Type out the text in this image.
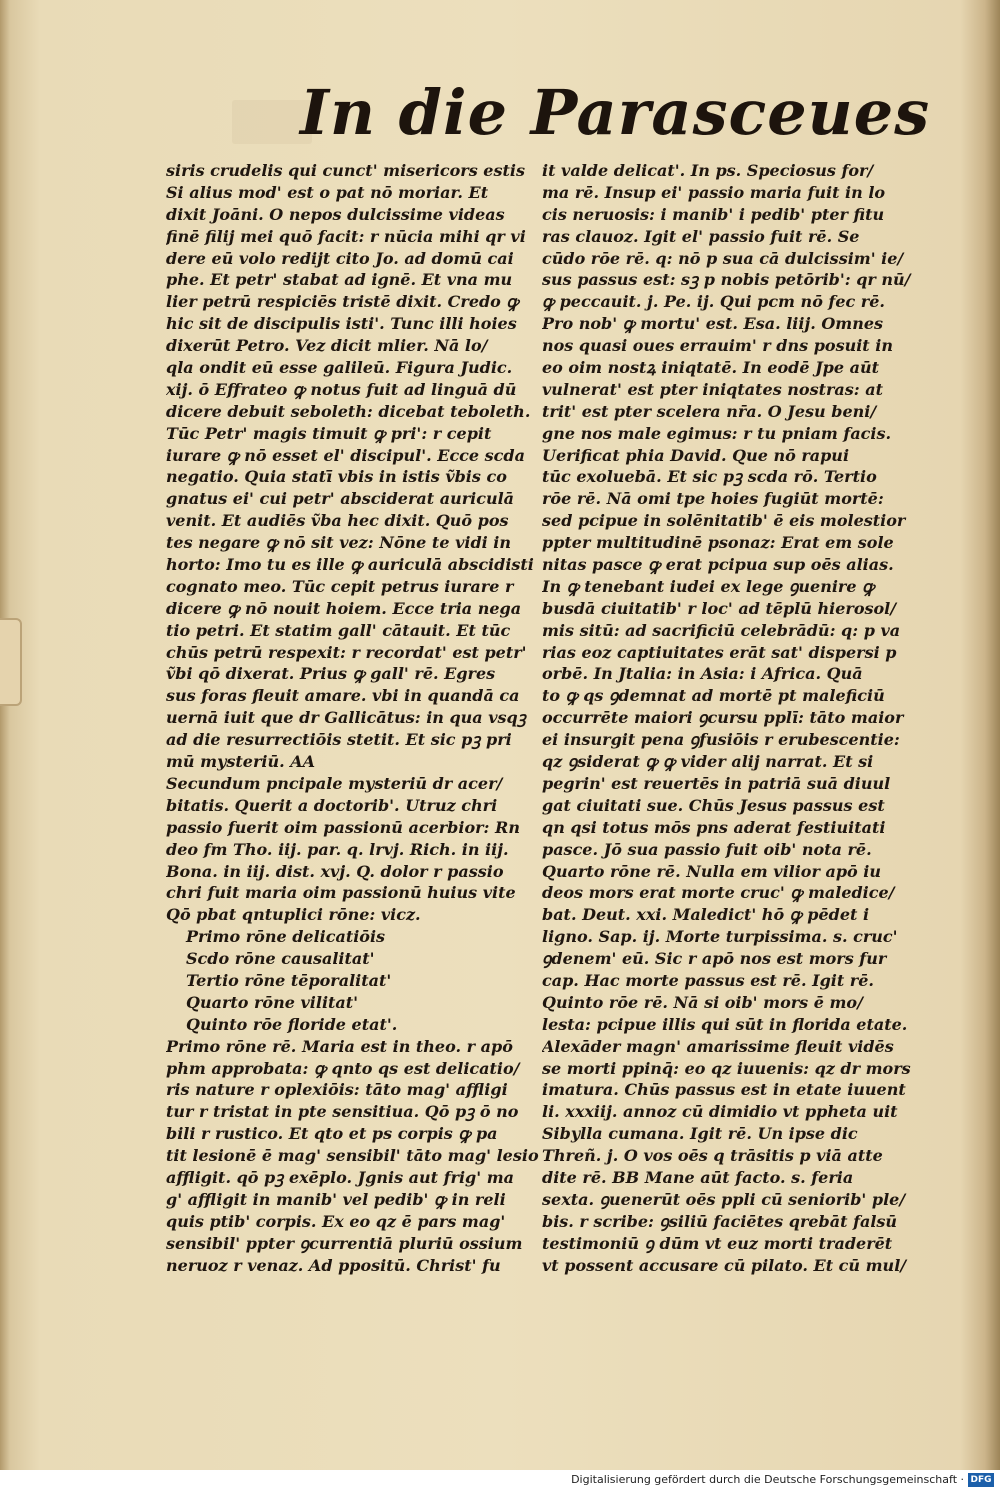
In die Parasceues
siris crudelis qui cunct' misericors estis
Si alius mod' est o pat nō moriar. Et
dixit Joāni. O nepos dulcissime videas
finē filij mei quō facit: r nūcia mihi qr vi
dere eū volo redijt cito Jo. ad domū cai
phe. Et petr' stabat ad ignē. Et vna mu
lier petrū respiciēs tristē dixit. Credo ꝙ
hic sit de discipulis isti'. Tunc illi hoies
dixerūt Petro. Vez dicit mlier. Nā lo/
qla ondit eū esse galileū. Figura Judic.
xij. ō Effrateo ꝙ notus fuit ad linguā dū
dicere debuit seboleth: dicebat teboleth.
Tūc Petr' magis timuit ꝙ pri': r cepit
iurare ꝙ nō esset el' discipul'. Ecce scda
negatio. Quia statī̄ vbis in istis ṽbis co
gnatus ei' cui petr' absciderat auriculā
venit. Et audiēs ṽba hec dixit. Quō pos
tes negare ꝙ nō sit vez: Nōne te vidi in
horto: Imo tu es ille ꝙ auriculā abscidisti
cognato meo. Tūc cepit petrus iurare r
dicere ꝙ nō nouit hoiem. Ecce tria nega
tio petri. Et statim gall' cātauit. Et tūc
chūs petrū respexit: r recordat' est petr'
ṽbi qō dixerat. Prius ꝙ gall' rē. Egres
sus foras fleuit amare. vbi in quandā ca
uernā iuit que dr Gallicātus: in qua vsqꝫ
ad die resurrectiōis stetit. Et sic pꝫ pri
mū mysteriū. AA
Secundum pncipale mysteriū dr acer/
bitatis. Querit a doctorib'. Utruz chri
passio fuerit oim passionū acerbior: Rn
deo fm Tho. iij. par. q. lrvj. Rich. in iij.
Bona. in iij. dist. xvj. Q. dolor r passio
chri fuit maria oim passionū huius vite
Qō pbat qntuplici rōne: vicz.
Primo rōne delicatiōis
Scdo rōne causalitat'
Tertio rōne tēporalitat'
Quarto rōne vilitat'
Quinto rōe floride etat'.
Primo rōne rē. Maria est in theo. r apō
phm approbata: ꝙ qnto qs est delicatio/
ris nature r oplexiōis: tāto mag' affligi
tur r tristat in pte sensitiua. Qō pꝫ ō no
bili r rustico. Et qto et ps corpis ꝙ pa
tit lesionē ē mag' sensibil' tāto mag' lesio
affligit. qō pꝫ exēplo. Jgnis aut frig' ma
g' affligit in manib' vel pedib' ꝙ in reli
quis ptib' corpis. Ex eo qz ē pars mag'
sensibil' ppter ꝯcurrentiā pluriū ossium
neruoz r venaz. Ad ppositū. Christ' fu
it valde delicat'. In ps. Speciosus for/
ma rē. Insup ei' passio maria fuit in lo
cis neruosis: i manib' i pedib' pter fitu
ras clauoz. Igit el' passio fuit rē. Se
cūdo rōe rē. q: nō p sua cā dulcissim' ie/
sus passus est: sꝫ p nobis petōrib': qr nū/
ꝙ peccauit. j. Pe. ij. Qui pcm nō fec rē.
Pro nob' ꝙ mortu' est. Esa. liij. Omnes
nos quasi oues errauim' r dns posuit in
eo oim nostꝝ iniqtatē. In eodē Jpe aūt
vulnerat' est pter iniqtates nostras: at
trit' est pter scelera nr̄a. O Jesu beni/
gne nos male egimus: r tu pniam facis.
Uerificat phia David. Que nō rapui
tūc exoluebā. Et sic pꝫ scda rō. Tertio
rōe rē. Nā omi tpe hoies fugiūt mortē:
sed pcipue in solēnitatib' ē eis molestior
ppter multitudinē psonaz: Erat em sole
nitas pasce ꝙ erat pcipua sup oēs alias.
In ꝙ tenebant iudei ex lege ꝯuenire ꝙ
busdā ciuitatib' r loc' ad tēplū hierosol/
mis sitū: ad sacrificiū celebrādū: q: p va
rias eoz captiuitates erāt sat' dispersi p
orbē. In Jtalia: in Asia: i Africa. Quā
to ꝙ qs ꝯdemnat ad mortē pt maleficiū
occurrēte maiori ꝯcursu pplī: tāto maior
ei insurgit pena ꝯfusiōis r erubescentie:
qz ꝯsiderat ꝙ ꝙ vider alij narrat. Et si
pegrin' est reuertēs in patriā suā diuul
gat ciuitati sue. Chūs Jesus passus est
qn qsi totus mōs pns aderat festiuitati
pasce. Jō sua passio fuit oib' nota rē.
Quarto rōne rē. Nulla em vilior apō iu
deos mors erat morte cruc' ꝙ maledice/
bat. Deut. xxi. Maledict' hō ꝙ pēdet i
ligno. Sap. ij. Morte turpissima. s. cruc'
ꝯdenem' eū. Sic r apō nos est mors fur
cap. Hac morte passus est rē. Igit rē.
Quinto rōe rē. Nā si oib' mors ē mo/
lesta: pcipue illis qui sūt in florida etate.
Alexāder magn' amarissime fleuit vidēs
se morti ppinq̄: eo qz iuuenis: qz dr mors
imatura. Chūs passus est in etate iuuent
li. xxxiij. annoz cū dimidio vt ppheta uit
Sibylla cumana. Igit rē. Un ipse dic
Threñ. j. O vos oēs q trāsitis p viā atte
dite rē. BB Mane aūt facto. s. feria
sexta. ꝯuenerūt oēs ppli cū seniorib' ple/
bis. r scribe: ꝯsiliū faciētes qrebāt falsū
testimoniū ꝯ dūm vt euz morti traderēt
vt possent accusare cū pilato. Et cū mul/
Digitalisierung gefördert durch die Deutsche Forschungsgemeinschaft · DFG
